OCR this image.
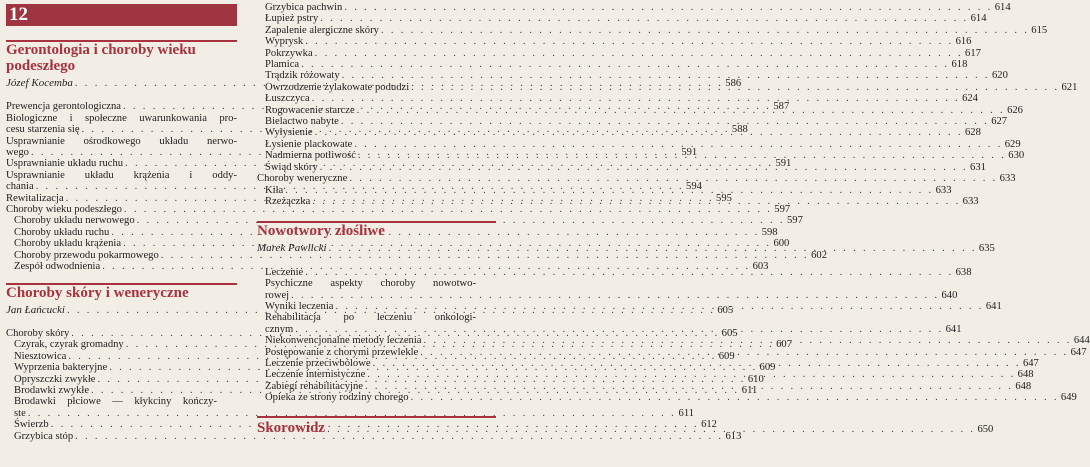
12
Gerontologia i choroby wieku
podeszłego
Józef Kocemba . . .	586
Prewencja gerontologiczna . . .	587
Biologiczne i społeczne uwarunkowania pro-
cesu starzenia się . . .	588
Usprawnianie ośrodkowego układu nerwo-
wego . . .	591
Usprawnianie układu ruchu . . .	591
Usprawnianie układu krążenia i oddy-
chania . . .	594
Rewitalizacja . . .	595
Choroby wieku podeszłego . . .	597
Choroby układu nerwowego . . .	597
Choroby układu ruchu . . .	598
Choroby układu krążenia . . .	600
Choroby przewodu pokarmowego . . .	602
Zespół odwodnienia . . .	603
Choroby skóry i weneryczne
Jan Łańcucki . . .	605
Choroby skóry . . .	605
Czyrak, czyrak gromadny . . .	607
Niesztowica . . .	609
Wyprzenia bakteryjne . . .	609
Opryszczki zwykłe . . .	610
Brodawki zwykłe . . .	611
Brodawki płciowe — kłykciny kończy-
ste . . .	611
Świerzb . . .	612
Grzybica stóp . . .	613
Grzybica pachwin . . .	614
Łupież pstry . . .	614
Zapalenie alergiczne skóry . . .	615
Wyprysk . . .	616
Pokrzywka . . .	617
Plamica . . .	618
Trądzik różowaty . . .	620
Owrzodzenie żylakowate podudzi . . .	621
Łuszczyca . . .	624
Rogowacenie starcze . . .	626
Bielactwo nabyte . . .	627
Wyłysienie . . .	628
Łysienie plackowate . . .	629
Nadmierna potliwość . . .	630
Świąd skóry . . .	631
Choroby weneryczne . . .	633
Kiła . . .	633
Rzeżączka . . .	633
Nowotwory złośliwe
Marek Pawlicki . . .	635
Leczenie . . .	638
Psychiczne aspekty choroby nowotwo-
rowej . . .	640
Wyniki leczenia . . .	641
Rehabilitacja po leczeniu onkologi-
cznym . . .	641
Niekonwencjonalne metody leczenia . . .	644
Postępowanie z chorymi przewlekle . . .	647
Leczenie przeciwbólowe . . .	647
Leczenie internistyczne . . .	648
Zabiegi rehabilitacyjne . . .	648
Opieka ze strony rodziny chorego . . .	649
Skorowidz . . .	650
